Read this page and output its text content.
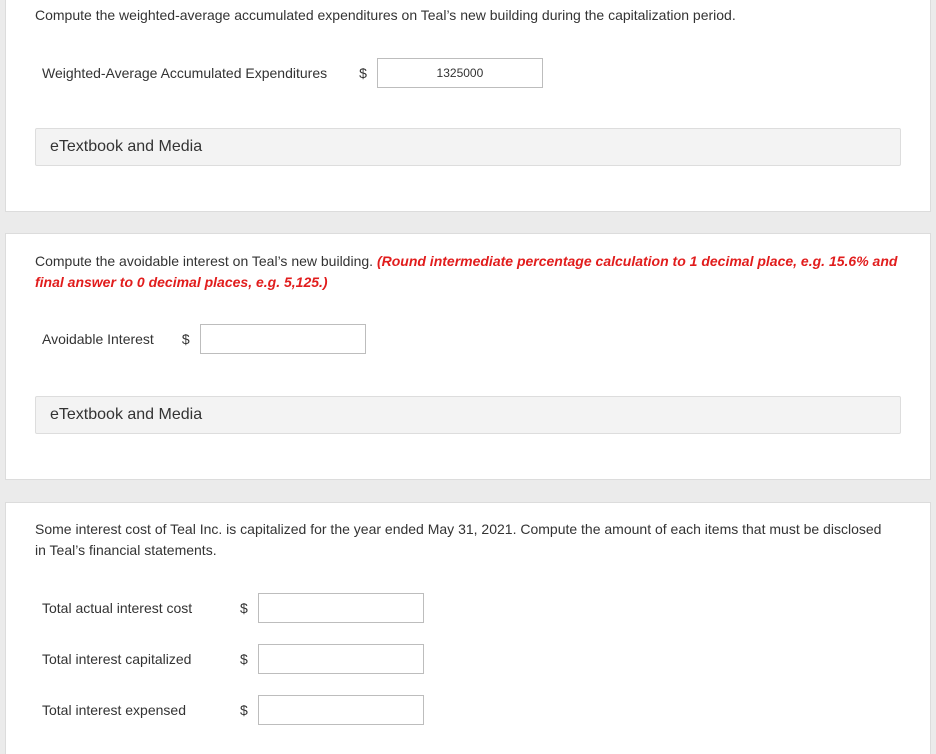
Compute the weighted-average accumulated expenditures on Teal’s new building during the capitalization period.
Weighted-Average Accumulated Expenditures $
1325000
eTextbook and Media
Compute the avoidable interest on Teal’s new building. (Round intermediate percentage calculation to 1 decimal place, e.g. 15.6% and final answer to 0 decimal places, e.g. 5,125.)
Avoidable Interest $
eTextbook and Media
Some interest cost of Teal Inc. is capitalized for the year ended May 31, 2021. Compute the amount of each items that must be disclosed in Teal’s financial statements.
Total actual interest cost	$
Total interest capitalized	$
Total interest expensed	$
